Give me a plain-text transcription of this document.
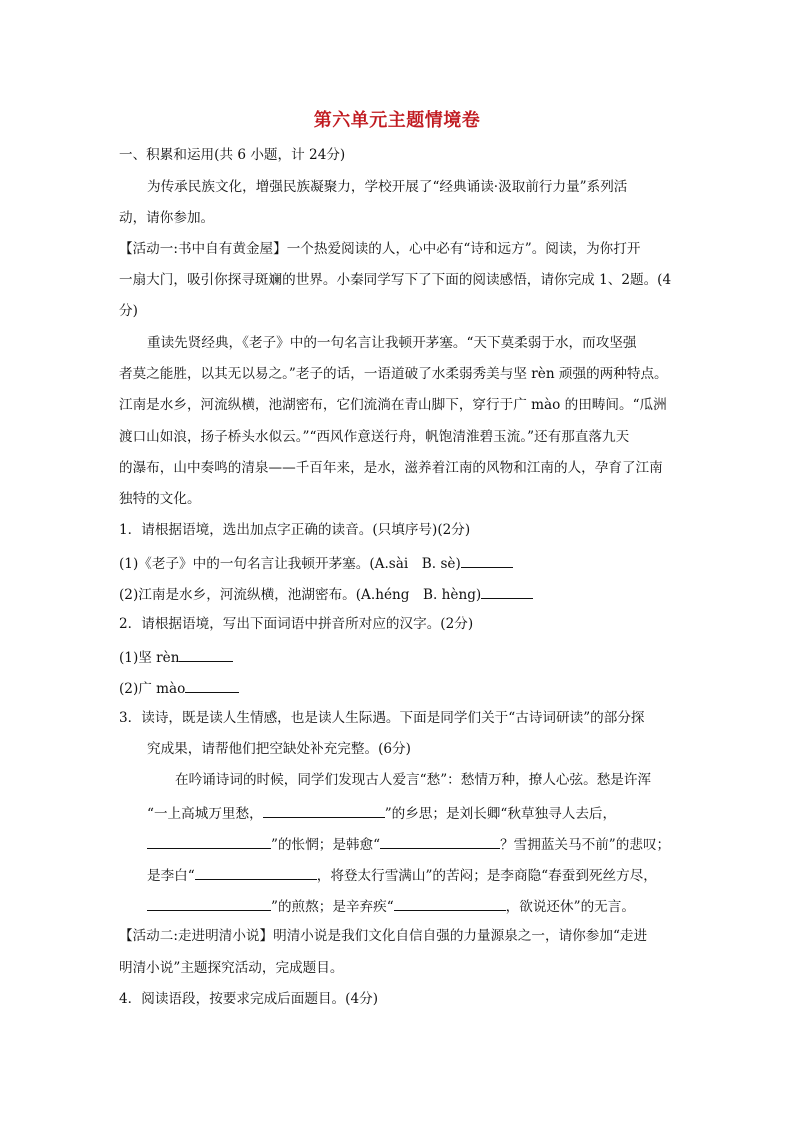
第六单元主题情境卷
一、积累和运用(共 6 小题，计 24分)
为传承民族文化，增强民族凝聚力，学校开展了“经典诵读·汲取前行力量”系列活
动，请你参加。
【活动一:书中自有黄金屋】一个热爱阅读的人，心中必有“诗和远方”。阅读，为你打开
一扇大门，吸引你探寻斑斓的世界。小秦同学写下了下面的阅读感悟，请你完成 1、2题。(4
分)
重读先贤经典，《老子》中的一句名言让我顿开茅塞。“天下莫柔弱于水，而攻坚强
者莫之能胜，以其无以易之。”老子的话，一语道破了水柔弱秀美与坚 rèn 顽强的两种特点。
江南是水乡，河流纵横，池湖密布，它们流淌在青山脚下，穿行于广 mào 的田畴间。“瓜洲
渡口山如浪，扬子桥头水似云。”“西风作意送行舟，帆饱清淮碧玉流。”还有那直落九天
的瀑布，山中奏鸣的清泉——千百年来，是水，滋养着江南的风物和江南的人，孕育了江南
独特的文化。
1．请根据语境，选出加点字正确的读音。(只填序号)(2分)
(1)《老子》中的一句名言让我顿开茅塞。(A.sài　B. sè)
(2)江南是水乡，河流纵横，池湖密布。(A.héng　B. hèng)
2．请根据语境，写出下面词语中拼音所对应的汉字。(2分)
(1)坚 rèn
(2)广 mào
3．读诗，既是读人生情感，也是读人生际遇。下面是同学们关于“古诗词研读”的部分探
究成果，请帮他们把空缺处补充完整。(6分)
在吟诵诗词的时候，同学们发现古人爱言“愁”：愁情万种，撩人心弦。愁是许浑
“一上高城万里愁，	”的乡思；是刘长卿“秋草独寻人去后，
”的怅惘；是韩愈“	？雪拥蓝关马不前”的悲叹；
是李白“	，将登太行雪满山”的苦闷；是李商隐“春蚕到死丝方尽，
”的煎熬；是辛弃疾“	，欲说还休”的无言。
【活动二:走进明清小说】明清小说是我们文化自信自强的力量源泉之一，请你参加“走进
明清小说”主题探究活动，完成题目。
4．阅读语段，按要求完成后面题目。(4分)
